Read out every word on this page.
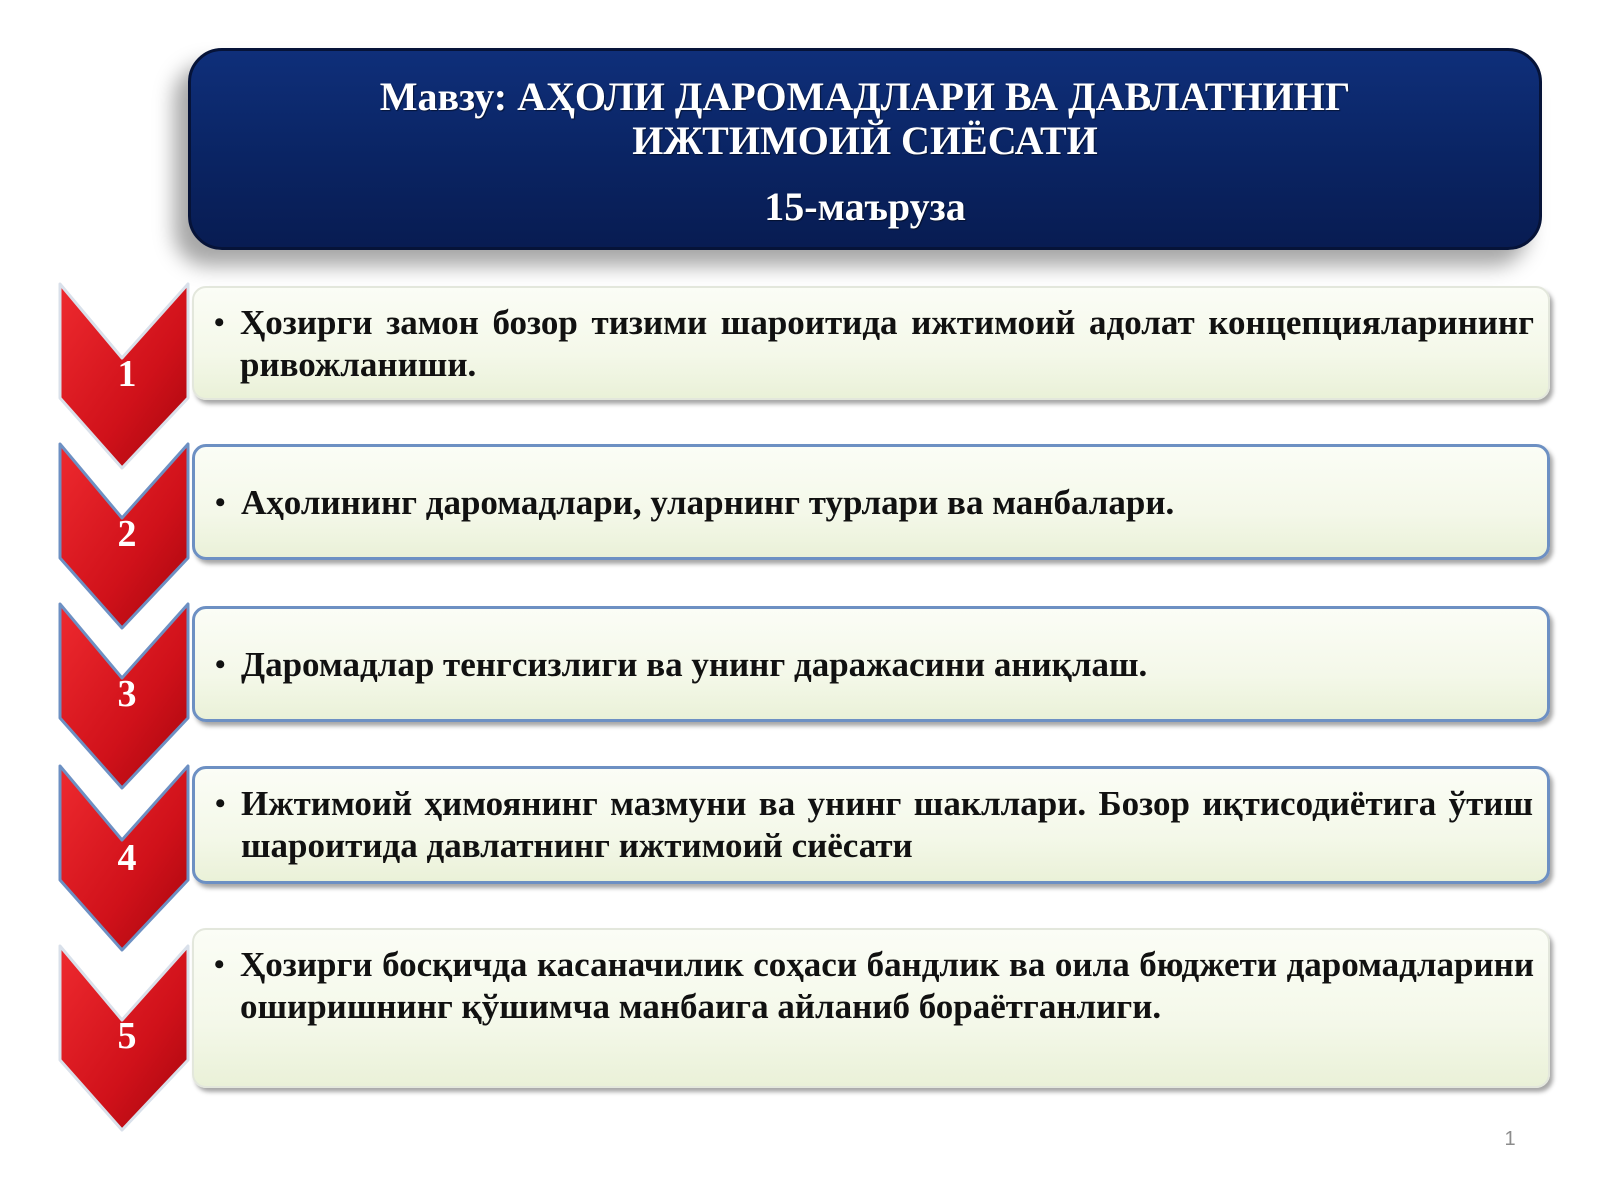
Мавзу: АҲОЛИ ДАРОМАДЛАРИ ВА ДАВЛАТНИНГ
ИЖТИМОИЙ СИЁСАТИ
15-маъруза
• Ҳозирги замон бозор тизими шароитида ижтимоий адолат концепцияларининг ривожланиши.
1
• Аҳолининг даромадлари, уларнинг турлари ва манбалари.
2
• Даромадлар тенгсизлиги ва унинг даражасини аниқлаш.
3
• Ижтимоий ҳимоянинг мазмуни ва унинг шакллари. Бозор иқтисодиётига ўтиш шароитида давлатнинг ижтимоий сиёсати
4
• Ҳозирги босқичда касаначилик соҳаси бандлик ва оила бюджети даромадларини оширишнинг қўшимча манбаига айланиб бораётганлиги.
5
1
